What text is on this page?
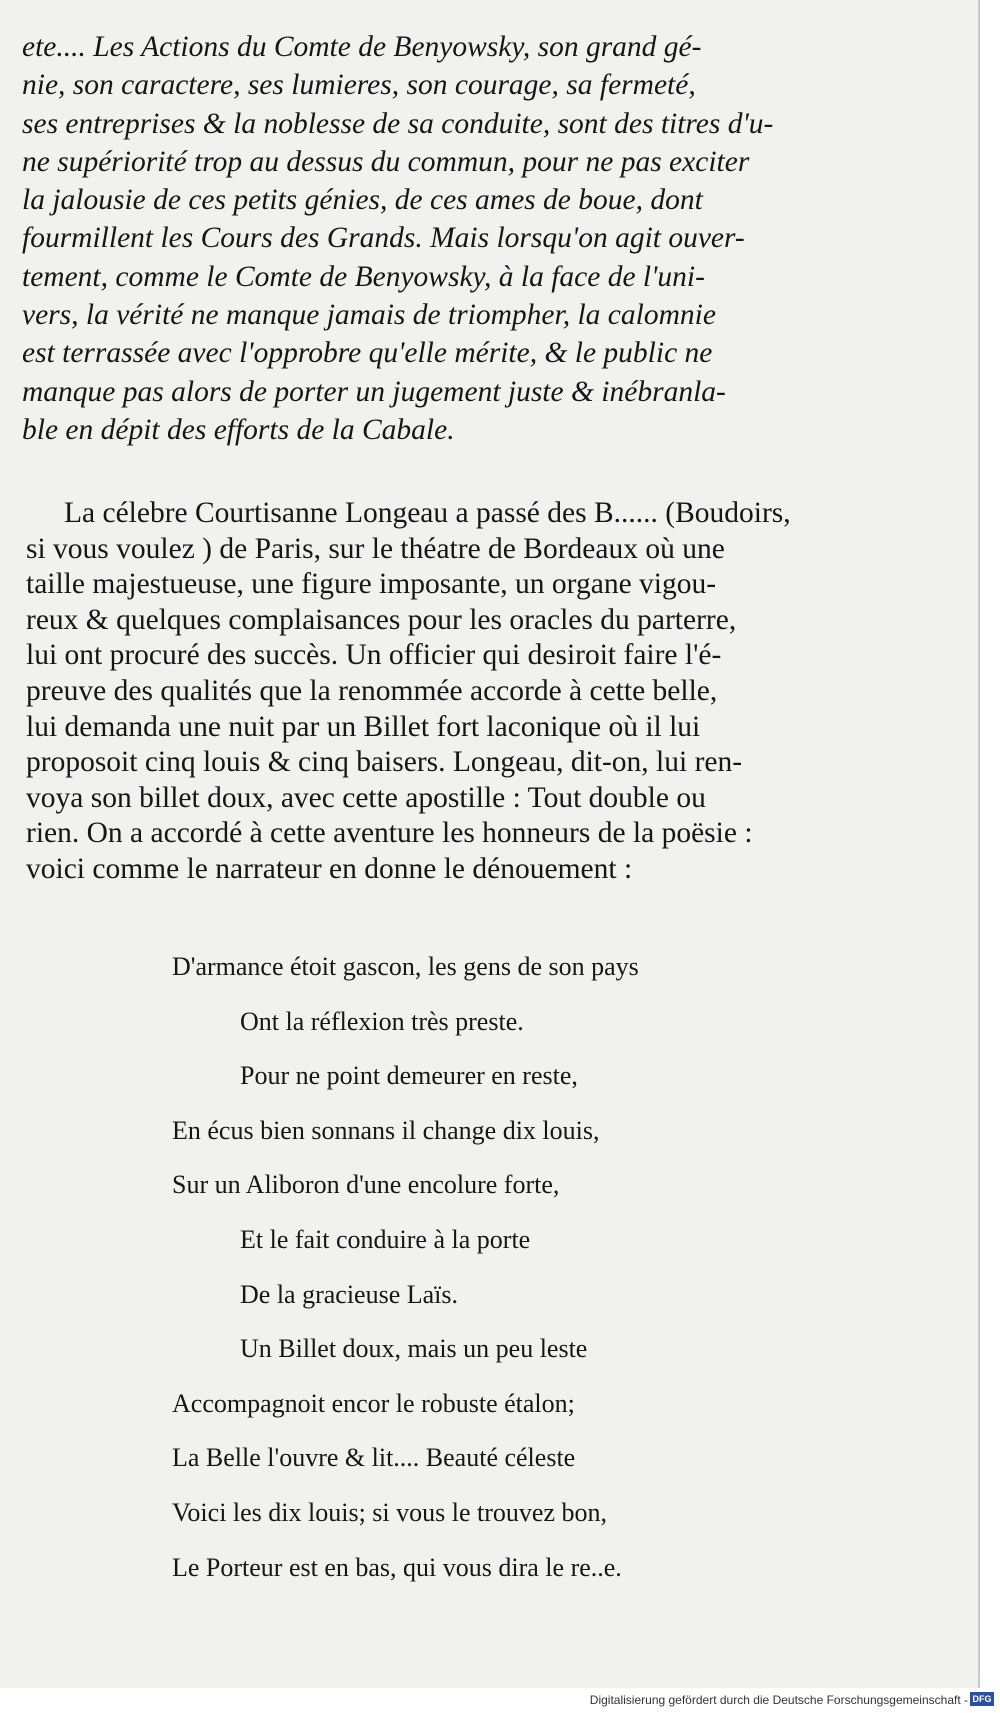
ete.... Les Actions du Comte de Benyowsky, son grand gé-
nie, son caractere, ses lumieres, son courage, sa fermeté,
ses entreprises & la noblesse de sa conduite, sont des titres d'u-
ne supériorité trop au dessus du commun, pour ne pas exciter
la jalousie de ces petits génies, de ces ames de boue, dont
fourmillent les Cours des Grands. Mais lorsqu'on agit ouver-
tement, comme le Comte de Benyowsky, à la face de l'uni-
vers, la vérité ne manque jamais de triompher, la calomnie
est terrassée avec l'opprobre qu'elle mérite, & le public ne
manque pas alors de porter un jugement juste & inébranla-
ble en dépit des efforts de la Cabale.
La célebre Courtisanne Longeau a passé des B...... (Boudoirs,
si vous voulez ) de Paris, sur le théatre de Bordeaux où une
taille majestueuse, une figure imposante, un organe vigou-
reux & quelques complaisances pour les oracles du parterre,
lui ont procuré des succès. Un officier qui desiroit faire l'é-
preuve des qualités que la renommée accorde à cette belle,
lui demanda une nuit par un Billet fort laconique où il lui
proposoit cinq louis & cinq baisers. Longeau, dit-on, lui ren-
voya son billet doux, avec cette apostille : Tout double ou
rien. On a accordé à cette aventure les honneurs de la poësie :
voici comme le narrateur en donne le dénouement :
D'armance étoit gascon, les gens de son pays
Ont la réflexion très preste.
Pour ne point demeurer en reste,
En écus bien sonnans il change dix louis,
Sur un Aliboron d'une encolure forte,
Et le fait conduire à la porte
De la gracieuse Laïs.
Un Billet doux, mais un peu leste
Accompagnoit encor le robuste étalon;
La Belle l'ouvre & lit.... Beauté céleste
Voici les dix louis; si vous le trouvez bon,
Le Porteur est en bas, qui vous dira le re..e.
Digitalisierung gefördert durch die Deutsche Forschungsgemeinschaft - DFG
